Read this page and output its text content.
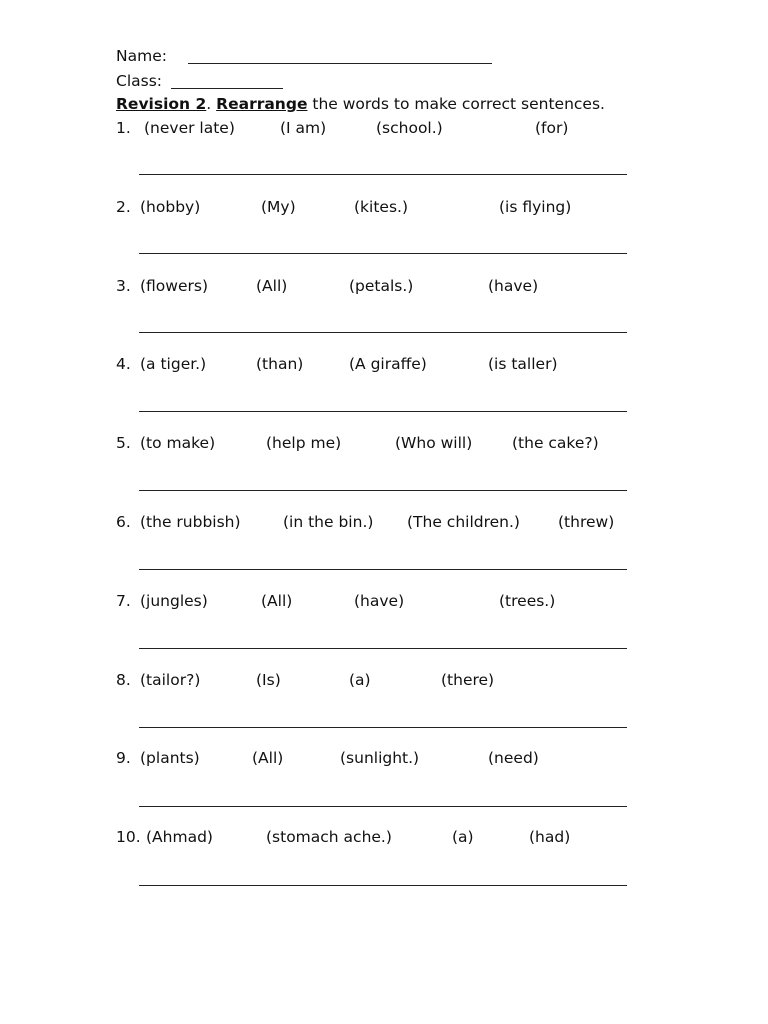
Name:
Class:
Revision 2. Rearrange the words to make correct sentences.
1. (never late)	(I am)	(school.)	(for)
2. (hobby)	(My)	(kites.)	(is flying)
3. (flowers)	(All)	(petals.)	(have)
4. (a tiger.)	(than)	(A giraffe)	(is taller)
5. (to make)	(help me)	(Who will)	(the cake?)
6. (the rubbish)	(in the bin.) (The children.) (threw)
7. (jungles)	(All)	(have)	(trees.)
8. (tailor?)	(Is)	(a)	(there)
9. (plants)	(All)	(sunlight.)	(need)
10. (Ahmad)	(stomach ache.)	(a)	(had)
